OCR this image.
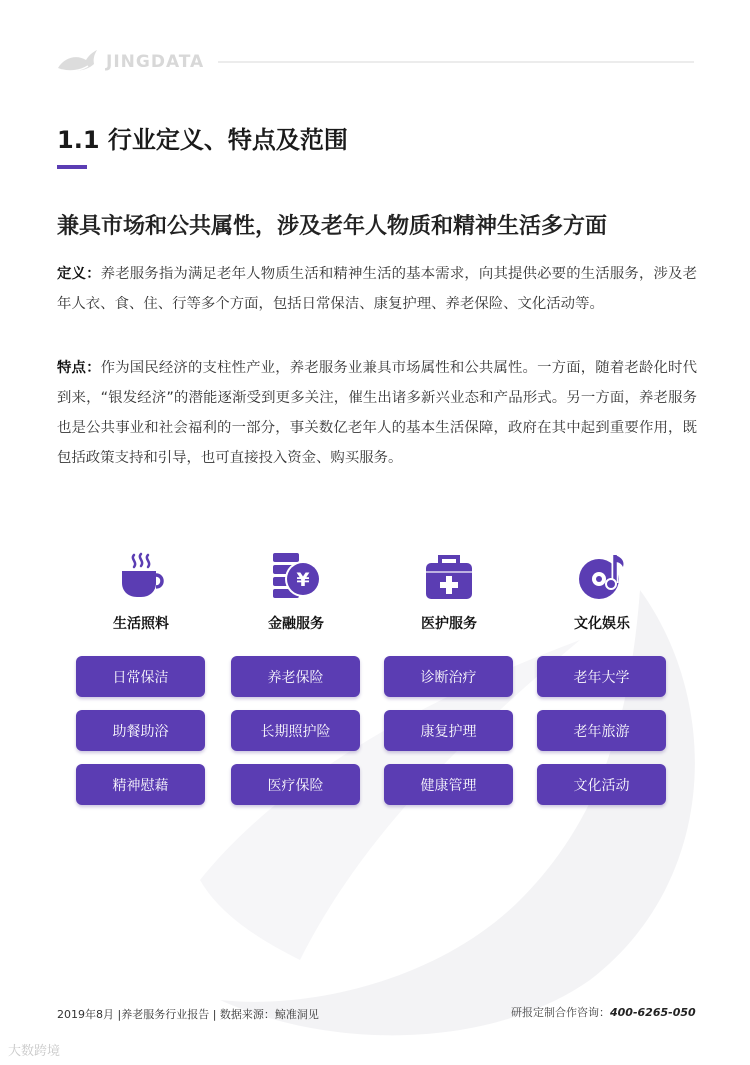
JINGDATA
1.1 行业定义、特点及范围
兼具市场和公共属性，涉及老年人物质和精神生活多方面
定义：养老服务指为满足老年人物质生活和精神生活的基本需求，向其提供必要的生活服务，涉及老年人衣、食、住、行等多个方面，包括日常保洁、康复护理、养老保险、文化活动等。
特点：作为国民经济的支柱性产业，养老服务业兼具市场属性和公共属性。一方面，随着老龄化时代到来，“银发经济”的潜能逐渐受到更多关注，催生出诸多新兴业态和产品形式。另一方面，养老服务也是公共事业和社会福利的一部分，事关数亿老年人的基本生活保障，政府在其中起到重要作用，既包括政策支持和引导，也可直接投入资金、购买服务。
生活照料
¥
金融服务	医护服务	文化娱乐
日常保洁
助餐助浴
精神慰藉
养老保险
长期照护险
医疗保险
诊断治疗
康复护理
健康管理
老年大学
老年旅游
文化活动
2019年8月 |养老服务行业报告 | 数据来源：鲸准洞见	研报定制合作咨询：400-6265-050
大数跨境
